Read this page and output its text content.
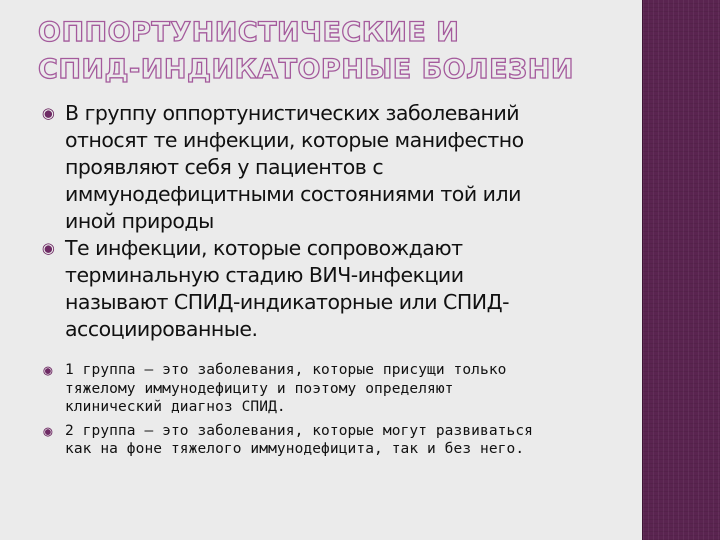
ОППОРТУНИСТИЧЕСКИЕ И
СПИД-ИНДИКАТОРНЫЕ БОЛЕЗНИ
◉ В группу оппортунистических заболеваний
относят те инфекции, которые манифестно
проявляют себя у пациентов с
иммунодефицитными состояниями той или
иной природы
◉ Те инфекции, которые сопровождают
терминальную стадию ВИЧ-инфекции
называют СПИД-индикаторные или СПИД-
ассоциированные.
◉ 1 группа – это заболевания, которые присущи только
тяжелому иммунодефициту и поэтому определяют
клинический диагноз СПИД.
◉ 2 группа – это заболевания, которые могут развиваться
как на фоне тяжелого иммунодефицита, так и без него.
